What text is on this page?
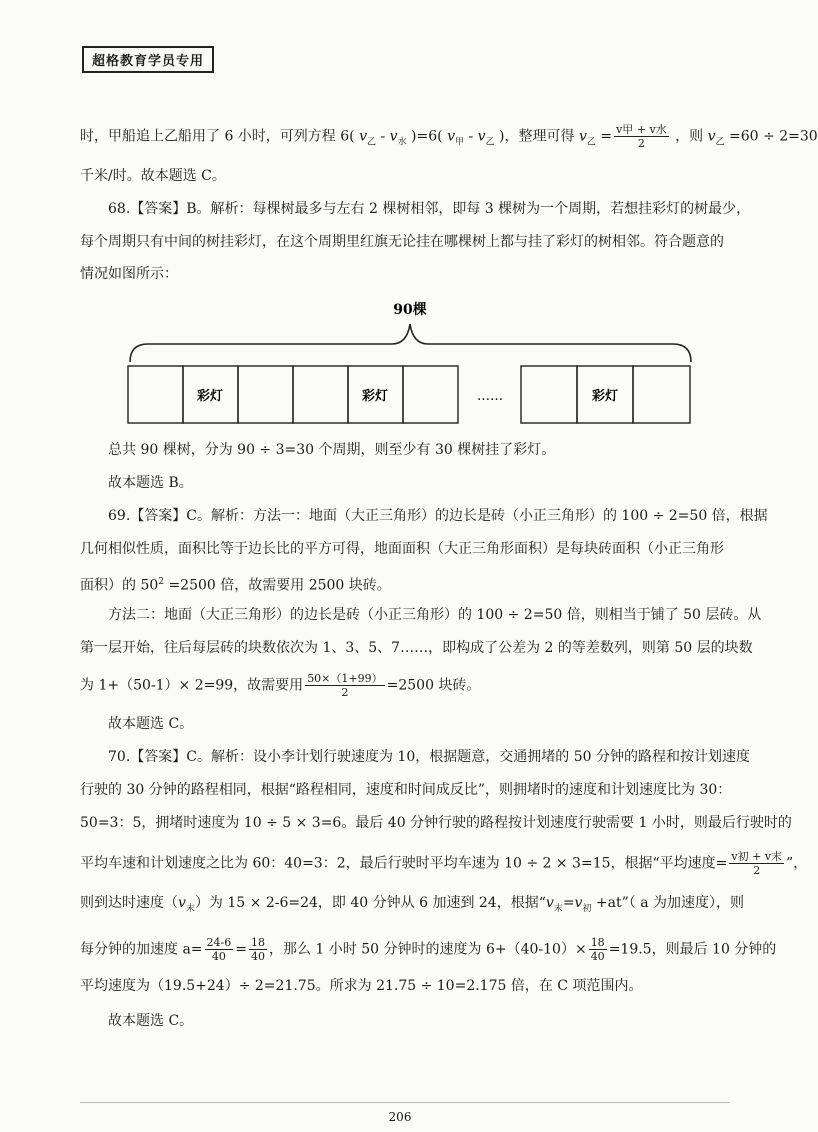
超格教育学员专用
时，甲船追上乙船用了 6 小时，可列方程 6( $v_乙 - v_水$ )=6( $v_甲 - v_乙$ )，整理可得 $v_乙 = \frac{\text{v甲 + v水}}{2}$ ，则 $v_乙 =60 \div 2=30$
千米/时。故本题选 C。
68.【答案】B。解析：每棵树最多与左右 2 棵树相邻，即每 3 棵树为一个周期，若想挂彩灯的树最少，
每个周期只有中间的树挂彩灯，在这个周期里红旗无论挂在哪棵树上都与挂了彩灯的树相邻。符合题意的
情况如图所示：
90棵
彩灯	彩灯	彩灯
……
总共 90 棵树，分为 90 ÷ 3=30 个周期，则至少有 30 棵树挂了彩灯。
故本题选 B。
69.【答案】C。解析：方法一：地面（大正三角形）的边长是砖（小正三角形）的 100 ÷ 2=50 倍，根据
几何相似性质，面积比等于边长比的平方可得，地面面积（大正三角形面积）是每块砖面积（小正三角形
面积）的 $50^2 =2500$ 倍，故需要用 2500 块砖。
方法二：地面（大正三角形）的边长是砖（小正三角形）的 100 ÷ 2=50 倍，则相当于铺了 50 层砖。从
第一层开始，往后每层砖的块数依次为 1、3、5、7……，即构成了公差为 2 的等差数列，则第 50 层的块数
为 1+（50-1）× 2=99，故需要用 $\frac{50\times(1+99)}{2} =2500$ 块砖。
故本题选 C。
70.【答案】C。解析：设小李计划行驶速度为 10，根据题意，交通拥堵的 50 分钟的路程和按计划速度
行驶的 30 分钟的路程相同，根据“路程相同，速度和时间成反比”，则拥堵时的速度和计划速度比为 30：
50=3：5，拥堵时速度为 10 ÷ 5 × 3=6。最后 40 分钟行驶的路程按计划速度行驶需要 1 小时，则最后行驶时的
平均车速和计划速度之比为 60：40=3：2，最后行驶时平均车速为 10 ÷ 2 × 3=15，根据“平均速度= $\frac{\text{v初 + v末}}{2}$ ”，
则到达时速度$(v_末)$为 15 × 2-6=24，即 40 分钟从 6 加速到 24，根据“$v_末=v_初$ +at”（ a 为加速度），则
每分钟的加速度 $a= \frac{24-6}{40} = \frac{18}{40}$ ，那么 1 小时 50 分钟时的速度为 $6+(40-10)\times \frac{18}{40} =19.5$，则最后 10 分钟的
平均速度为（19.5+24）÷ 2=21.75。所求为 21.75 ÷ 10=2.175 倍，在 C 项范围内。
故本题选 C。
206
